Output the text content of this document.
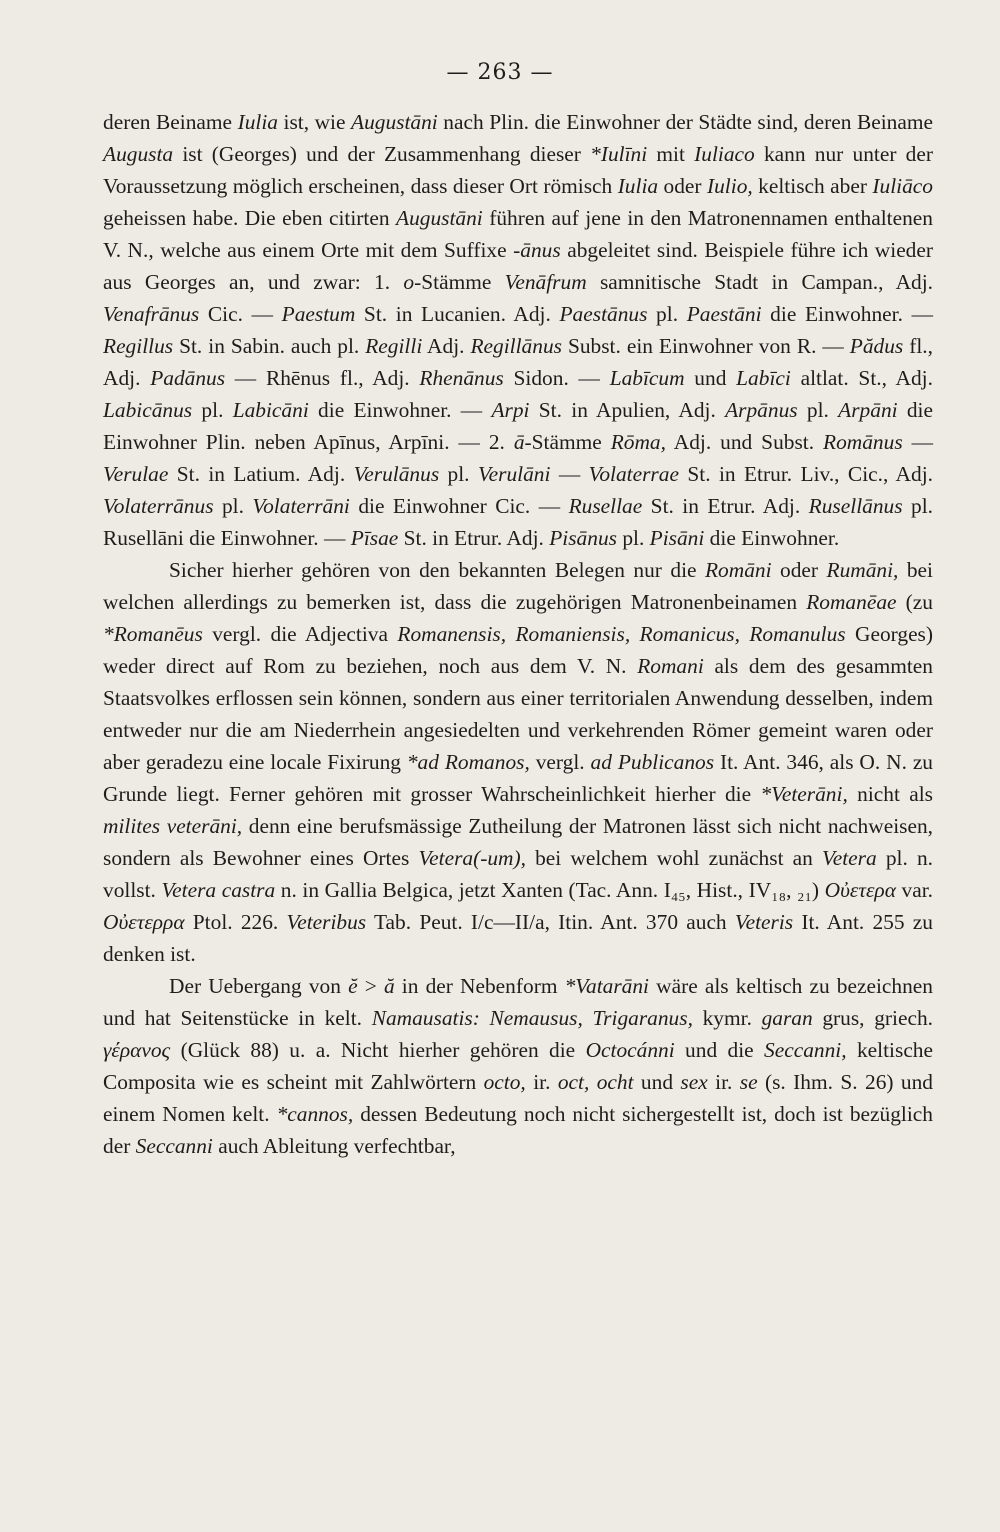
— 263 —

deren Beiname Iulia ist, wie Augustāni nach Plin. die Einwohner der Städte sind, deren Beiname Augusta ist (Georges) und der Zusammenhang dieser *Iulīni mit Iuliaco kann nur unter der Voraussetzung möglich erscheinen, dass dieser Ort römisch Iulia oder Iulio, keltisch aber Iuliāco geheissen habe. Die eben citirten Augustāni führen auf jene in den Matronennamen enthaltenen V. N., welche aus einem Orte mit dem Suffixe -ānus abgeleitet sind. Beispiele führe ich wieder aus Georges an, und zwar: 1. o-Stämme Venāfrum samnitische Stadt in Campan., Adj. Venafrānus Cic. — Paestum St. in Lucanien. Adj. Paestānus pl. Paestāni die Einwohner. — Regillus St. in Sabin. auch pl. Regilli Adj. Regillānus Subst. ein Einwohner von R. — Pădus fl., Adj. Padānus — Rhēnus fl., Adj. Rhenānus Sidon. — Labīcum und Labīci altlat. St., Adj. Labicānus pl. Labicāni die Einwohner. — Arpi St. in Apulien, Adj. Arpānus pl. Arpāni die Einwohner Plin. neben Apīnus, Arpīni. — 2. ā-Stämme Rōma, Adj. und Subst. Romānus — Verulae St. in Latium. Adj. Verulānus pl. Verulāni — Volaterrae St. in Etrur. Liv., Cic., Adj. Volaterrānus pl. Volaterrāni die Einwohner Cic. — Rusellae St. in Etrur. Adj. Rusellānus pl. Rusellāni die Einwohner. — Pīsae St. in Etrur. Adj. Pisānus pl. Pisāni die Einwohner.

Sicher hierher gehören von den bekannten Belegen nur die Romāni oder Rumāni, bei welchen allerdings zu bemerken ist, dass die zugehörigen Matronenbeinamen Romanēae (zu *Romanēus vergl. die Adjectiva Romanensis, Romaniensis, Romanicus, Romanulus Georges) weder direct auf Rom zu beziehen, noch aus dem V. N. Romani als dem des gesammten Staatsvolkes erflossen sein können, sondern aus einer territorialen Anwendung desselben, indem entweder nur die am Niederrhein angesiedelten und verkehrenden Römer gemeint waren oder aber geradezu eine locale Fixirung *ad Romanos, vergl. ad Publicanos It. Ant. 346, als O. N. zu Grunde liegt. Ferner gehören mit grosser Wahrscheinlichkeit hierher die *Veterāni, nicht als milites veterāni, denn eine berufsmässige Zutheilung der Matronen lässt sich nicht nachweisen, sondern als Bewohner eines Ortes Vetera(-um), bei welchem wohl zunächst an Vetera pl. n. vollst. Vetera castra n. in Gallia Belgica, jetzt Xanten (Tac. Ann. I₄₅, Hist., IV₁₈, ₂₁) Οὐετερα var. Οὐετερρα Ptol. 226. Veteribus Tab. Peut. I/c—II/a, Itin. Ant. 370 auch Veteris It. Ant. 255 zu denken ist.

Der Uebergang von ĕ > ă in der Nebenform *Vatarāni wäre als keltisch zu bezeichnen und hat Seitenstücke in kelt. Namausatis: Nemausus, Trigaranus, kymr. garan grus, griech. γέρανος (Glück 88) u. a. Nicht hierher gehören die Octocánni und die Seccanni, keltische Composita wie es scheint mit Zahlwörtern octo, ir. oct, ocht und sex ir. se (s. Ihm. S. 26) und einem Nomen kelt. *cannos, dessen Bedeutung noch nicht sichergestellt ist, doch ist bezüglich der Seccanni auch Ableitung verfechtbar,
